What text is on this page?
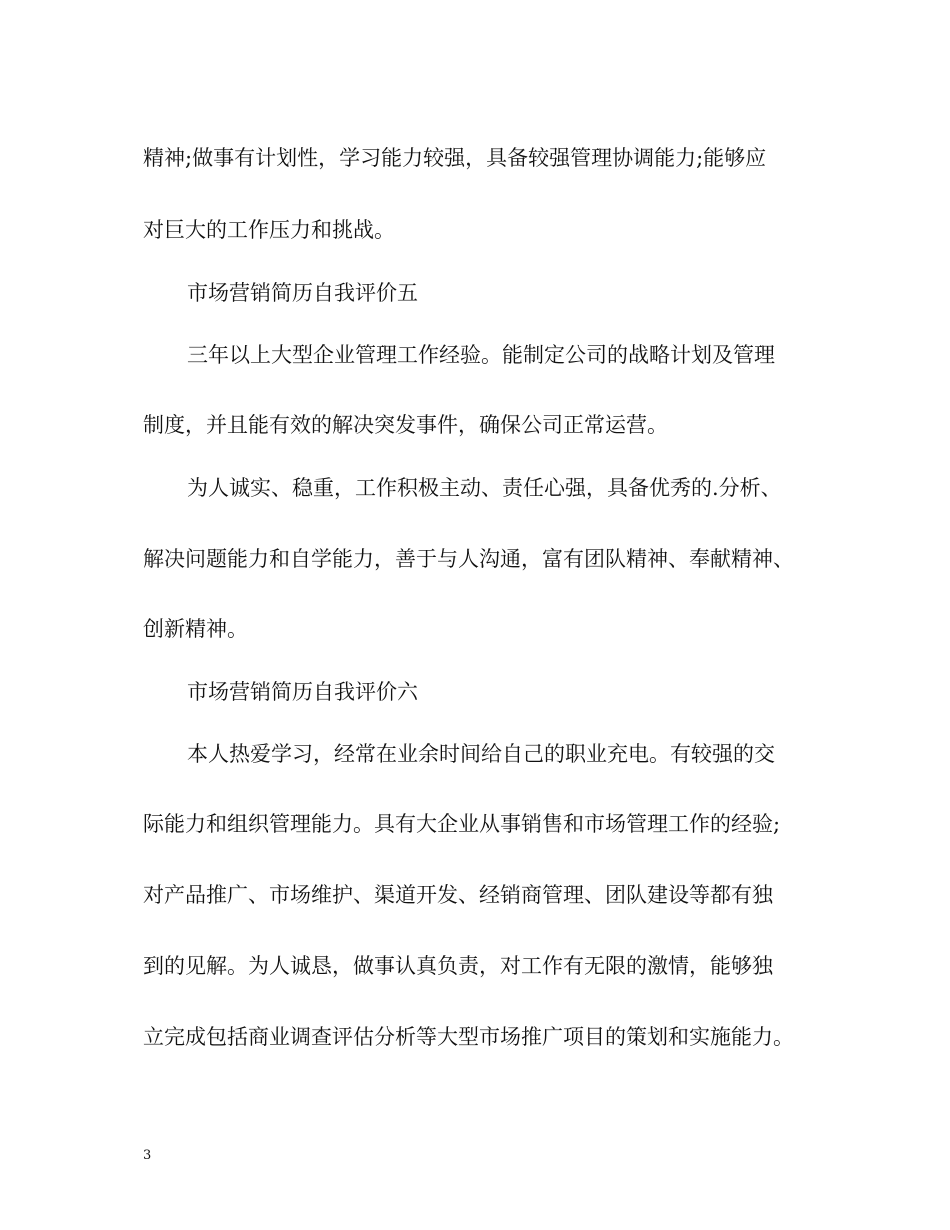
精神;做事有计划性，学习能力较强，具备较强管理协调能力;能够应
对巨大的工作压力和挑战。
市场营销简历自我评价五
三年以上大型企业管理工作经验。能制定公司的战略计划及管理
制度，并且能有效的解决突发事件，确保公司正常运营。
为人诚实、稳重，工作积极主动、责任心强，具备优秀的.分析、
解决问题能力和自学能力，善于与人沟通，富有团队精神、奉献精神、
创新精神。
市场营销简历自我评价六
本人热爱学习，经常在业余时间给自己的职业充电。有较强的交
际能力和组织管理能力。具有大企业从事销售和市场管理工作的经验;
对产品推广、市场维护、渠道开发、经销商管理、团队建设等都有独
到的见解。为人诚恳，做事认真负责，对工作有无限的激情，能够独
立完成包括商业调查评估分析等大型市场推广项目的策划和实施能力。
3
